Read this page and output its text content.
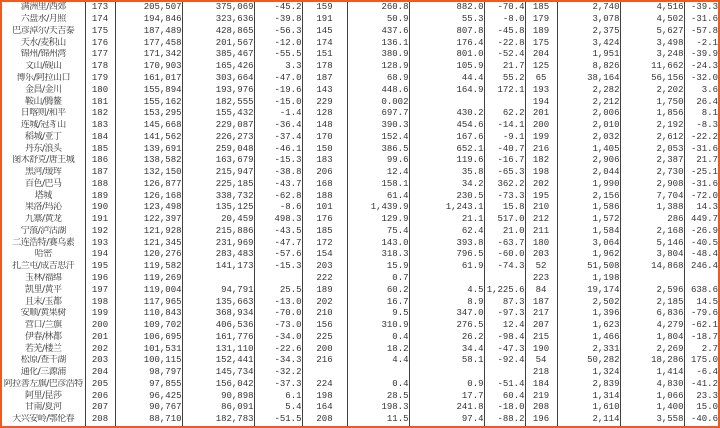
满洲里/西郊	173	205,507	375,069	-45.2	159	260.8	882.0	-70.4	185	2,740	4,516	-39.3
六盘水/月照	174	194,846	323,636	-39.8	191	50.9	55.3	-8.0	179	3,078	4,502	-31.6
巴彦淖尔/天吉泰	175	187,489	428,865	-56.3	145	437.6	807.8	-45.8	189	2,375	5,627	-57.8
天水/麦积山	176	177,458	201,567	-12.0	174	136.1	176.4	-22.8	175	3,424	3,498	-2.1
锦州/锦州湾	177	171,342	385,467	-55.5	151	380.9	801.0	-52.4	204	1,951	3,248	-39.9
文山/砚山	178	170,903	165,426	3.3	178	128.9	105.9	21.7	125	8,826	11,662	-24.3
博乐/阿拉山口	179	161,017	303,664	-47.0	187	68.9	44.4	55.2	65	38,164	56,156	-32.0
金昌/金川	180	155,894	193,976	-19.6	143	448.6	164.9	172.1	193	2,282	2,202	3.6
鞍山/腾鳌	181	155,162	182,555	-15.0	229	0.002			194	2,212	1,750	26.4
日喀则/和平	182	153,295	155,432	-1.4	128	697.7	430.2	62.2	201	2,006	1,856	8.1
连城/冠豸山	183	145,668	229,087	-36.4	148	390.3	454.6	-14.1	200	2,010	2,192	-8.3
稻城/亚丁	184	141,562	226,273	-37.4	170	152.4	167.6	-9.1	199	2,032	2,612	-22.2
丹东/浪头	185	139,691	259,048	-46.1	150	386.5	652.1	-40.7	216	1,405	2,053	-31.6
图木舒克/唐王城	186	138,582	163,679	-15.3	183	99.6	119.6	-16.7	182	2,906	2,387	21.7
黑河/瑷珲	187	132,150	215,947	-38.8	206	12.4	35.8	-65.3	198	2,044	2,730	-25.1
百色/巴马	188	126,877	225,185	-43.7	168	158.1	34.2	362.2	202	1,990	2,908	-31.6
塔城	189	126,168	338,732	-62.8	188	61.4	230.5	-73.3	195	2,156	7,704	-72.0
果洛/玛沁	190	123,498	135,125	-8.6	101	1,439.9	1,243.1	15.8	210	1,586	1,388	14.3
九寨/黄龙	191	122,397	20,459	498.3	176	129.9	21.1	517.0	212	1,572	286	449.7
宁蒗/泸沽湖	192	121,928	215,886	-43.5	185	75.4	62.4	21.0	211	1,584	2,168	-26.9
二连浩特/赛乌素	193	121,345	231,969	-47.7	172	143.0	393.8	-63.7	180	3,064	5,146	-40.5
哈密	194	120,276	283,483	-57.6	154	318.3	796.5	-60.0	203	1,962	3,804	-48.4
扎兰屯/成吉思汗	195	119,582	141,173	-15.3	203	15.9	61.9	-74.3	52	51,508	14,868	246.4
玉林/福绵	196	119,269			222	0.7			223	1,198		
凯里/黄平	197	119,004	94,791	25.5	189	60.2	4.5	1,225.6	84	19,174	2,596	638.6
且末/玉都	198	117,965	135,663	-13.0	202	16.7	8.9	87.3	187	2,502	2,185	14.5
安顺/黄果树	199	110,843	368,934	-70.0	210	9.5	347.0	-97.3	217	1,396	6,836	-79.6
营口/兰旗	200	109,702	406,536	-73.0	156	310.9	276.5	12.4	207	1,623	4,279	-62.1
伊春/林都	201	106,695	161,776	-34.0	225	0.4	26.2	-98.4	215	1,466	1,804	-18.7
若羌/楼兰	202	101,531	131,110	-22.6	200	18.2	34.4	-47.3	190	2,331	2,269	2.7
松原/查干湖	203	100,115	152,441	-34.3	216	4.4	58.1	-92.4	54	50,282	18,286	175.0
通化/三源浦	204	98,797	145,734	-32.2					218	1,324	1,414	-6.4
阿拉善左旗/巴彦浩特	205	97,855	156,042	-37.3	224	0.4	0.9	-51.4	184	2,839	4,830	-41.2
阿里/昆莎	206	96,425	90,898	6.1	198	28.5	17.7	60.4	219	1,314	1,066	23.3
甘南/夏河	207	90,767	86,091	5.4	164	198.3	241.8	-18.0	208	1,610	1,400	15.0
大兴安岭/鄂伦春	208	88,710	182,783	-51.5	208	11.5	97.4	-88.2	196	2,114	3,558	-40.6
